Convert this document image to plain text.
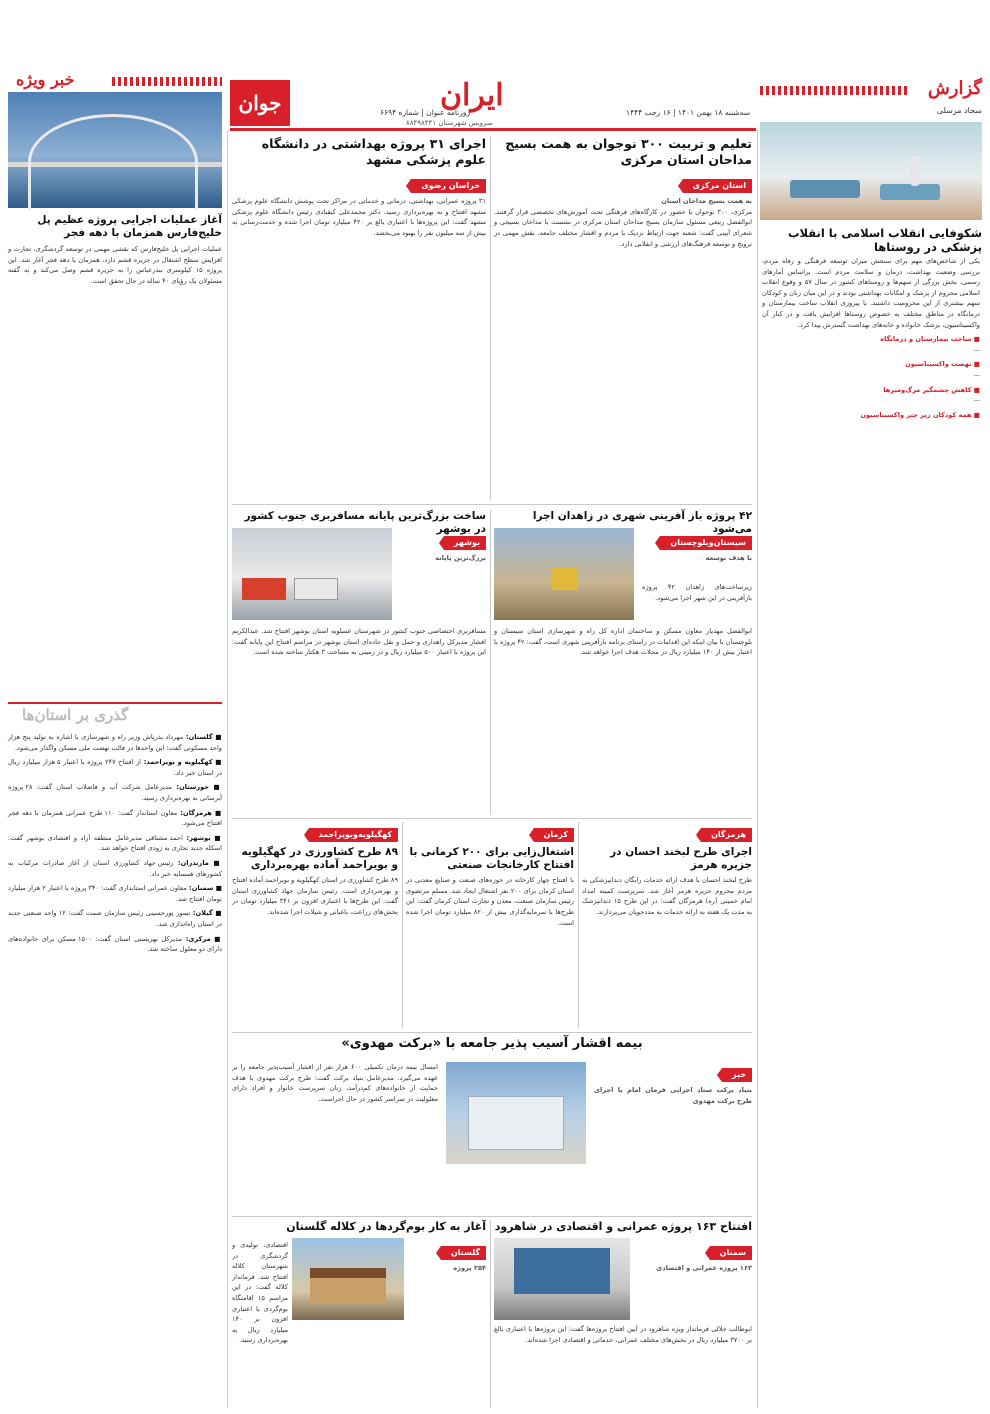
جوان	ایران	سه‌شنبه ۱۸ بهمن ۱۴۰۱ | ۱۶ رجب ۱۴۴۴
روزنامه عنوان | شماره ۶۶۹۴
سرویس شهرستان ۸۸۴۹۸۴۴۱
گزارش
سجاد مرسلی
شکوفایی انقلاب اسلامی با انقلاب پزشکی در روستاها
یکی از شاخص‌های مهم برای سنجش میزان توسعه فرهنگی و رفاه مردم، بررسی وضعیت بهداشت، درمان و سلامت مردم است. براساس آمارهای رسمی، بخش بزرگی از سهم‌ها و روستاهای کشور در سال ۵۷ و وقوع انقلاب اسلامی محروم از پزشک و امکانات بهداشتی بودند و در این میان زنان و کودکان سهم بیشتری از این محرومیت داشتند. با پیروزی انقلاب ساخت بیمارستان و درمانگاه در مناطق مختلف به خصوص روستاها افزایش یافت و در کنار آن واکسیناسیون، پزشک خانواده و خانه‌های بهداشت گسترش پیدا کرد.
■ ساخت بیمارستان و درمانگاه
—
■ نهضت واکسیناسیون
—
■ کاهش چشمگیر مرگ‌ومیرها
—
■ همه کودکان زیر چتر واکسیناسیون
خبر ویژه
آغاز عملیات اجرایی پروژه عظیم پل خلیج‌فارس همزمان با دهه فجر
عملیات اجرایی پل خلیج‌فارس که نقشی مهمی در توسعه گردشگری، تجارت و افزایش سطح اشتغال در جزیره قشم دارد، همزمان با دهه فجر آغاز شد. این پروژه ۱۵ کیلومتری بندرعباس را به جزیره قشم وصل می‌کند و به گفته مسئولان یک رؤیای ۴۰ ساله در حال تحقق است.
گذری بر استان‌ها
■ گلستان: مهرداد بذرپاش وزیر راه و شهرسازی با اشاره به تولید پنج هزار واحد مسکونی گفت: این واحدها در قالب نهضت ملی مسکن واگذار می‌شود.
■ کهگیلویه و بویراحمد: از افتتاح ۲۴۷ پروژه با اعتبار ۵ هزار میلیارد ریال در استان خبر داد.
■ خوزستان: مدیرعامل شرکت آب و فاضلاب استان گفت: ۲۸ پروژه آبرسانی به بهره‌برداری رسید.
■ هرمزگان: معاون استاندار گفت: ۱۱۰ طرح عمرانی همزمان با دهه فجر افتتاح می‌شود.
■ بوشهر: احمد مشتاقی مدیرعامل منطقه آزاد و اقتصادی بوشهر گفت: اسکله جدید تجاری به زودی افتتاح خواهد شد.
■ مازندران: رئیس جهاد کشاورزی استان از آغاز صادرات مرکبات به کشورهای همسایه خبر داد.
■ سمنان: معاون عمرانی استانداری گفت: ۳۴۰ پروژه با اعتبار ۲ هزار میلیارد تومان افتتاح شد.
■ گیلان: تیمور پورحسینی رئیس سازمان صمت گفت: ۱۲ واحد صنعتی جدید در استان راه‌اندازی شد.
■ مرکزی: مدیرکل بهزیستی استان گفت: ۱۵۰۰ مسکن برای خانواده‌های دارای دو معلول ساخته شد.
تعلیم و تربیت ۳۰۰ نوجوان به همت بسیج مداحان استان مرکزی
استان مرکزی
به همت بسیج مداحان استان
مرکزی، ۳۰۰ نوجوان با حضور در کارگاه‌های فرهنگی تحت آموزش‌های تخصصی قرار گرفتند. ابوالفضل ربیعی مسئول سازمان بسیج مداحان استان مرکزی در نشست با مداحان بسیجی و شعرای آیینی گفت: شعبه جهت ارتباط نزدیک با مردم و اقشار مختلف جامعه، نقش مهمی در ترویج و توسعه فرهنگ‌های ارزشی و انقلابی دارد.
اجرای ۳۱ پروژه بهداشتی در دانشگاه علوم پزشکی مشهد
خراسان رضوی
۳۱ پروژه عمرانی، بهداشتی، درمانی و خدماتی در مراکز تحت پوشش دانشگاه علوم پزشکی مشهد افتتاح و به بهره‌برداری رسید. دکتر محمدعلی کیقبادی رئیس دانشگاه علوم پزشکی مشهد گفت: این پروژه‌ها با اعتباری بالغ بر ۴۲۰ میلیارد تومان اجرا شده و خدمت‌رسانی به بیش از سه میلیون نفر را بهبود می‌بخشد.
۴۲ پروژه باز آفرینی شهری در زاهدان اجرا می‌شود
سیستان‌وبلوچستان
با هدف توسعه
زیرساخت‌های زاهدان ۴۲ پروژه بازآفرینی در این شهر اجرا می‌شود.
ابوالفضل مهدیار معاون مسکن و ساختمان اداره کل راه و شهرسازی استان سیستان و بلوچستان با بیان اینکه این اقدامات در راستای برنامه بازآفرینی شهری است، گفت: ۴۲ پروژه با اعتبار بیش از ۱۴۰ میلیارد ریال در محلات هدف اجرا خواهد شد.
ساخت بزرگ‌ترین پایانه مسافربری جنوب کشور در بوشهر
بوشهر
بزرگ‌ترین پایانه
مسافربری اختصاصی جنوب کشور در شهرستان عسلویه استان بوشهر افتتاح شد. عبدالکریم افشار مدیرکل راهداری و حمل و نقل جاده‌ای استان بوشهر در مراسم افتتاح این پایانه گفت: این پروژه با اعتبار ۵۰۰ میلیارد ریال و در زمینی به مساحت ۳ هکتار ساخته شده است.
هرمزگان
اجرای طرح لبخند احسان در جزیره هرمز
طرح لبخند احسان با هدف ارائه خدمات رایگان دندانپزشکی به مردم محروم جزیره هرمز آغاز شد. سرپرست کمیته امداد امام خمینی (ره) هرمزگان گفت: در این طرح ۱۵ دندانپزشک به مدت یک هفته به ارائه خدمات به مددجویان می‌پردازند.
کرمان
اشتغال‌زایی برای ۲۰۰ کرمانی با افتتاح کارخانجات صنعتی
با افتتاح چهار کارخانه در حوزه‌های صنعت و صنایع معدنی در استان کرمان برای ۲۰۰ نفر اشتغال ایجاد شد. مسلم مرتضوی رئیس سازمان صنعت، معدن و تجارت استان کرمان گفت: این طرح‌ها با سرمایه‌گذاری بیش از ۸۲۰ میلیارد تومان اجرا شده است.
کهگیلویه‌وبویراحمد
۸۹ طرح کشاورزی در کهگیلویه و بویراحمد آماده بهره‌برداری
۸۹ طرح کشاورزی در استان کهگیلویه و بویراحمد آماده افتتاح و بهره‌برداری است. رئیس سازمان جهاد کشاورزی استان گفت: این طرح‌ها با اعتباری افزون بر ۳۴۱ میلیارد تومان در بخش‌های زراعت، باغبانی و شیلات اجرا شده‌اند.
بیمه اقشار آسیب پذیر جامعه با «برکت مهدوی»
خبر
بنیاد برکت ستاد اجرایی فرمان امام با اجرای طرح برکت مهدوی
امسال بیمه درمان تکمیلی ۶۰۰ هزار نفر از اقشار آسیب‌پذیر جامعه را بر عهده می‌گیرد. مدیرعامل بنیاد برکت گفت: طرح برکت مهدوی با هدف حمایت از خانواده‌های کم‌درآمد، زنان سرپرست خانوار و افراد دارای معلولیت در سراسر کشور در حال اجراست.
افتتاح ۱۶۳ پروژه عمرانی و اقتصادی در شاهرود
سمنان
۱۶۳ پروژه عمرانی و اقتصادی
ابوطالب جلالی فرماندار ویژه شاهرود در آیین افتتاح پروژه‌ها گفت: این پروژه‌ها با اعتباری بالغ بر ۳۷۰۰ میلیارد ریال در بخش‌های مختلف عمرانی، خدماتی و اقتصادی اجرا شده‌اند.
آغاز به کار بوم‌گردها در کلاله گلستان
گلستان
۲۵۴ پروژه
اقتصادی، تولیدی و گردشگری در شهرستان کلاله افتتاح شد. فرماندار کلاله گفت: در این مراسم ۱۵ اقامتگاه بوم‌گردی با اعتباری افزون بر ۱۴۰ میلیارد ریال به بهره‌برداری رسید.
